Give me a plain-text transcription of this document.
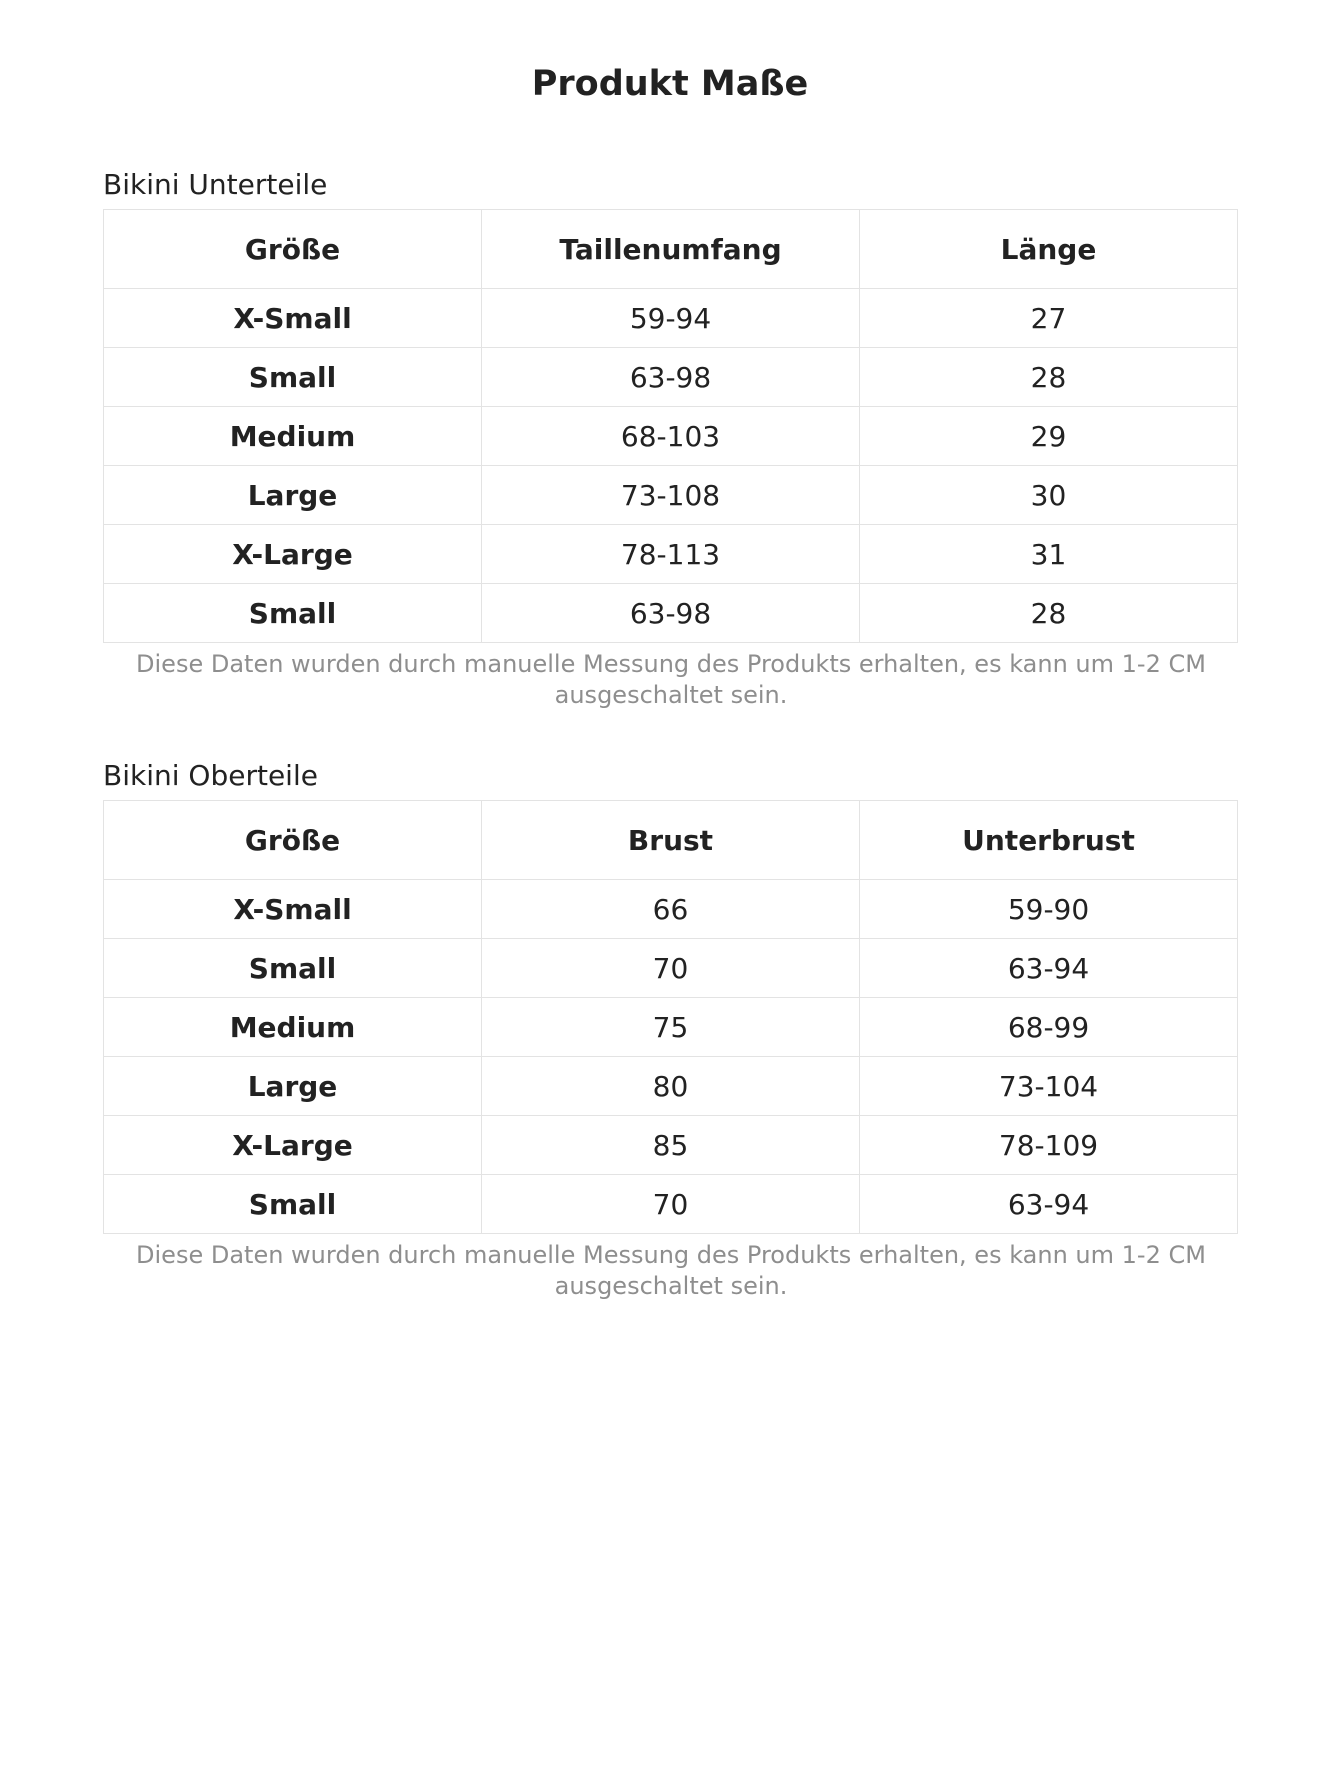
Produkt Maße
Bikini Unterteile
Größe	Taillenumfang	Länge
X-Small	59-94	27
Small	63-98	28
Medium	68-103	29
Large	73-108	30
X-Large	78-113	31
Small	63-98	28
Diese Daten wurden durch manuelle Messung des Produkts erhalten, es kann um 1-2 CM ausgeschaltet sein.
Bikini Oberteile
Größe	Brust	Unterbrust
X-Small	66	59-90
Small	70	63-94
Medium	75	68-99
Large	80	73-104
X-Large	85	78-109
Small	70	63-94
Diese Daten wurden durch manuelle Messung des Produkts erhalten, es kann um 1-2 CM ausgeschaltet sein.
